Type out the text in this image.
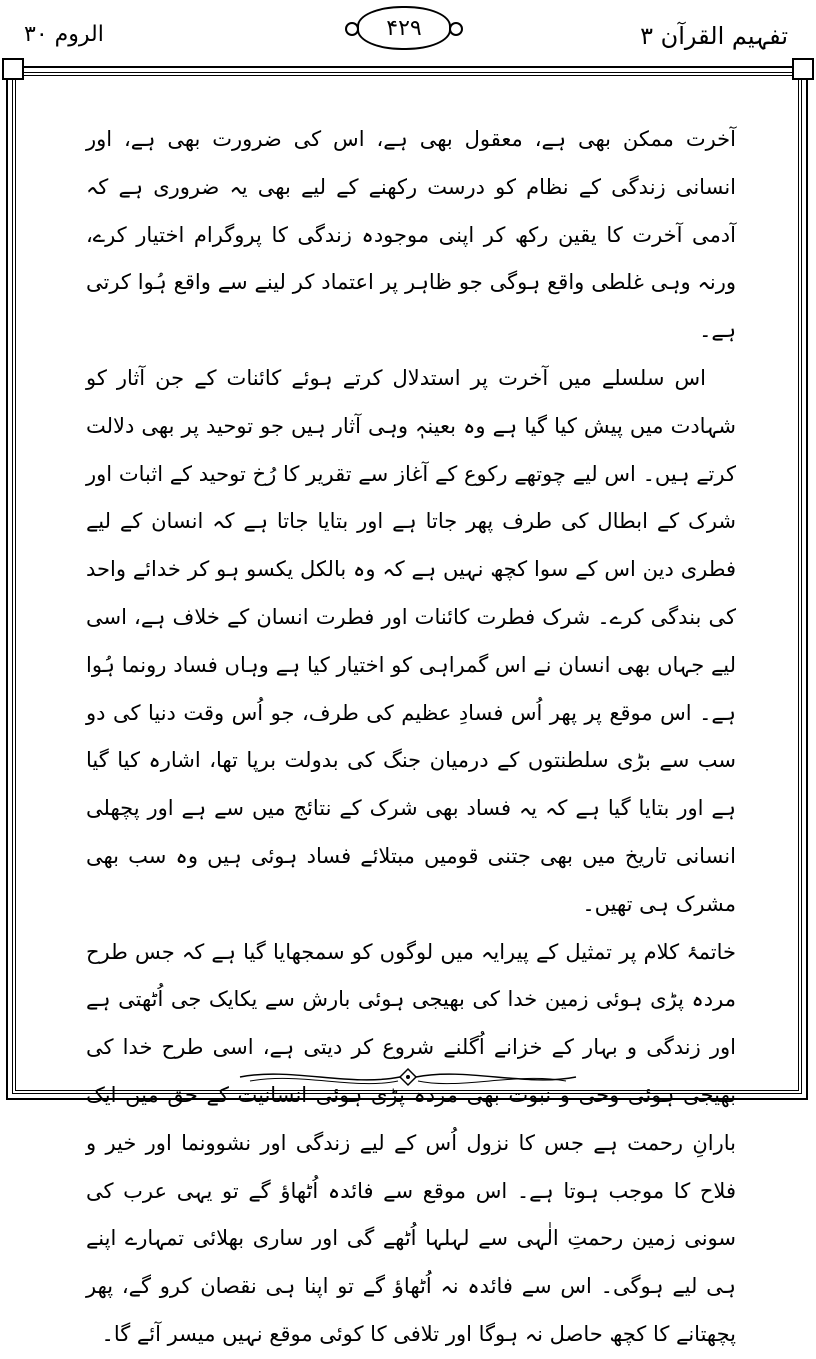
الروم ۳۰	۴۲۹	تفہیم القرآن ۳

آخرت ممکن بھی ہے، معقول بھی ہے، اس کی ضرورت بھی ہے، اور انسانی زندگی کے نظام کو درست رکھنے کے لیے بھی یہ ضروری ہے کہ آدمی آخرت کا یقین رکھ کر اپنی موجودہ زندگی کا پروگرام اختیار کرے، ورنہ وہی غلطی واقع ہوگی جو ظاہر پر اعتماد کر لینے سے واقع ہُوا کرتی ہے۔

اس سلسلے میں آخرت پر استدلال کرتے ہوئے کائنات کے جن آثار کو شہادت میں پیش کیا گیا ہے وہ بعینہٖ وہی آثار ہیں جو توحید پر بھی دلالت کرتے ہیں۔ اس لیے چوتھے رکوع کے آغاز سے تقریر کا رُخ توحید کے اثبات اور شرک کے ابطال کی طرف پھر جاتا ہے اور بتایا جاتا ہے کہ انسان کے لیے فطری دین اس کے سوا کچھ نہیں ہے کہ وہ بالکل یکسو ہو کر خدائے واحد کی بندگی کرے۔ شرک فطرت کائنات اور فطرت انسان کے خلاف ہے، اسی لیے جہاں بھی انسان نے اس گمراہی کو اختیار کیا ہے وہاں فساد رونما ہُوا ہے۔ اس موقع پر پھر اُس فسادِ عظیم کی طرف، جو اُس وقت دنیا کی دو سب سے بڑی سلطنتوں کے درمیان جنگ کی بدولت برپا تھا، اشارہ کیا گیا ہے اور بتایا گیا ہے کہ یہ فساد بھی شرک کے نتائج میں سے ہے اور پچھلی انسانی تاریخ میں بھی جتنی قومیں مبتلائے فساد ہوئی ہیں وہ سب بھی مشرک ہی تھیں۔

خاتمۂ کلام پر تمثیل کے پیرایہ میں لوگوں کو سمجھایا گیا ہے کہ جس طرح مردہ پڑی ہوئی زمین خدا کی بھیجی ہوئی بارش سے یکایک جی اُٹھتی ہے اور زندگی و بہار کے خزانے اُگلنے شروع کر دیتی ہے، اسی طرح خدا کی بھیجی ہوئی وحی و نبوت بھی مردہ پڑی ہوئی انسانیت کے حق میں ایک بارانِ رحمت ہے جس کا نزول اُس کے لیے زندگی اور نشوونما اور خیر و فلاح کا موجب ہوتا ہے۔ اس موقع سے فائدہ اُٹھاؤ گے تو یہی عرب کی سونی زمین رحمتِ الٰہی سے لہلہا اُٹھے گی اور ساری بھلائی تمہارے اپنے ہی لیے ہوگی۔ اس سے فائدہ نہ اُٹھاؤ گے تو اپنا ہی نقصان کرو گے، پھر پچھتانے کا کچھ حاصل نہ ہوگا اور تلافی کا کوئی موقع نہیں میسر آئے گا۔
